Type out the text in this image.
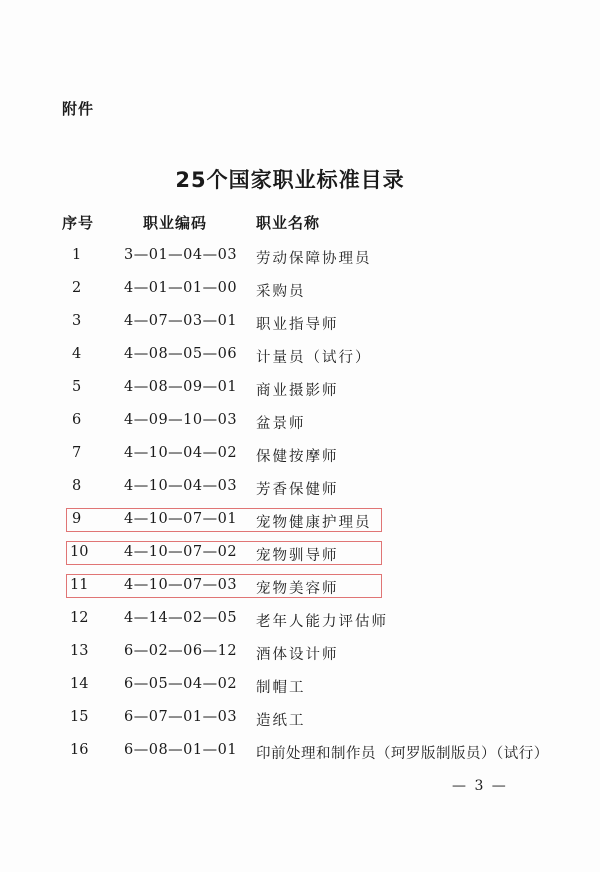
附件
25个国家职业标准目录
序号	职业编码	职业名称
1	3—01—04—03 劳动保障协理员
2	4—01—01—00 采购员
3	4—07—03—01 职业指导师
4	4—08—05—06 计量员（试行）
5	4—08—09—01 商业摄影师
6	4—09—10—03 盆景师
7	4—10—04—02 保健按摩师
8	4—10—04—03 芳香保健师
9	4—10—07—01 宠物健康护理员
10 4—10—07—02 宠物驯导师
11 4—10—07—03 宠物美容师
12 4—14—02—05 老年人能力评估师
13 6—02—06—12 酒体设计师
14 6—05—04—02 制帽工
15 6—07—01—03 造纸工
16 6—08—01—01 印前处理和制作员（珂罗版制版员）（试行）
— 3 —
